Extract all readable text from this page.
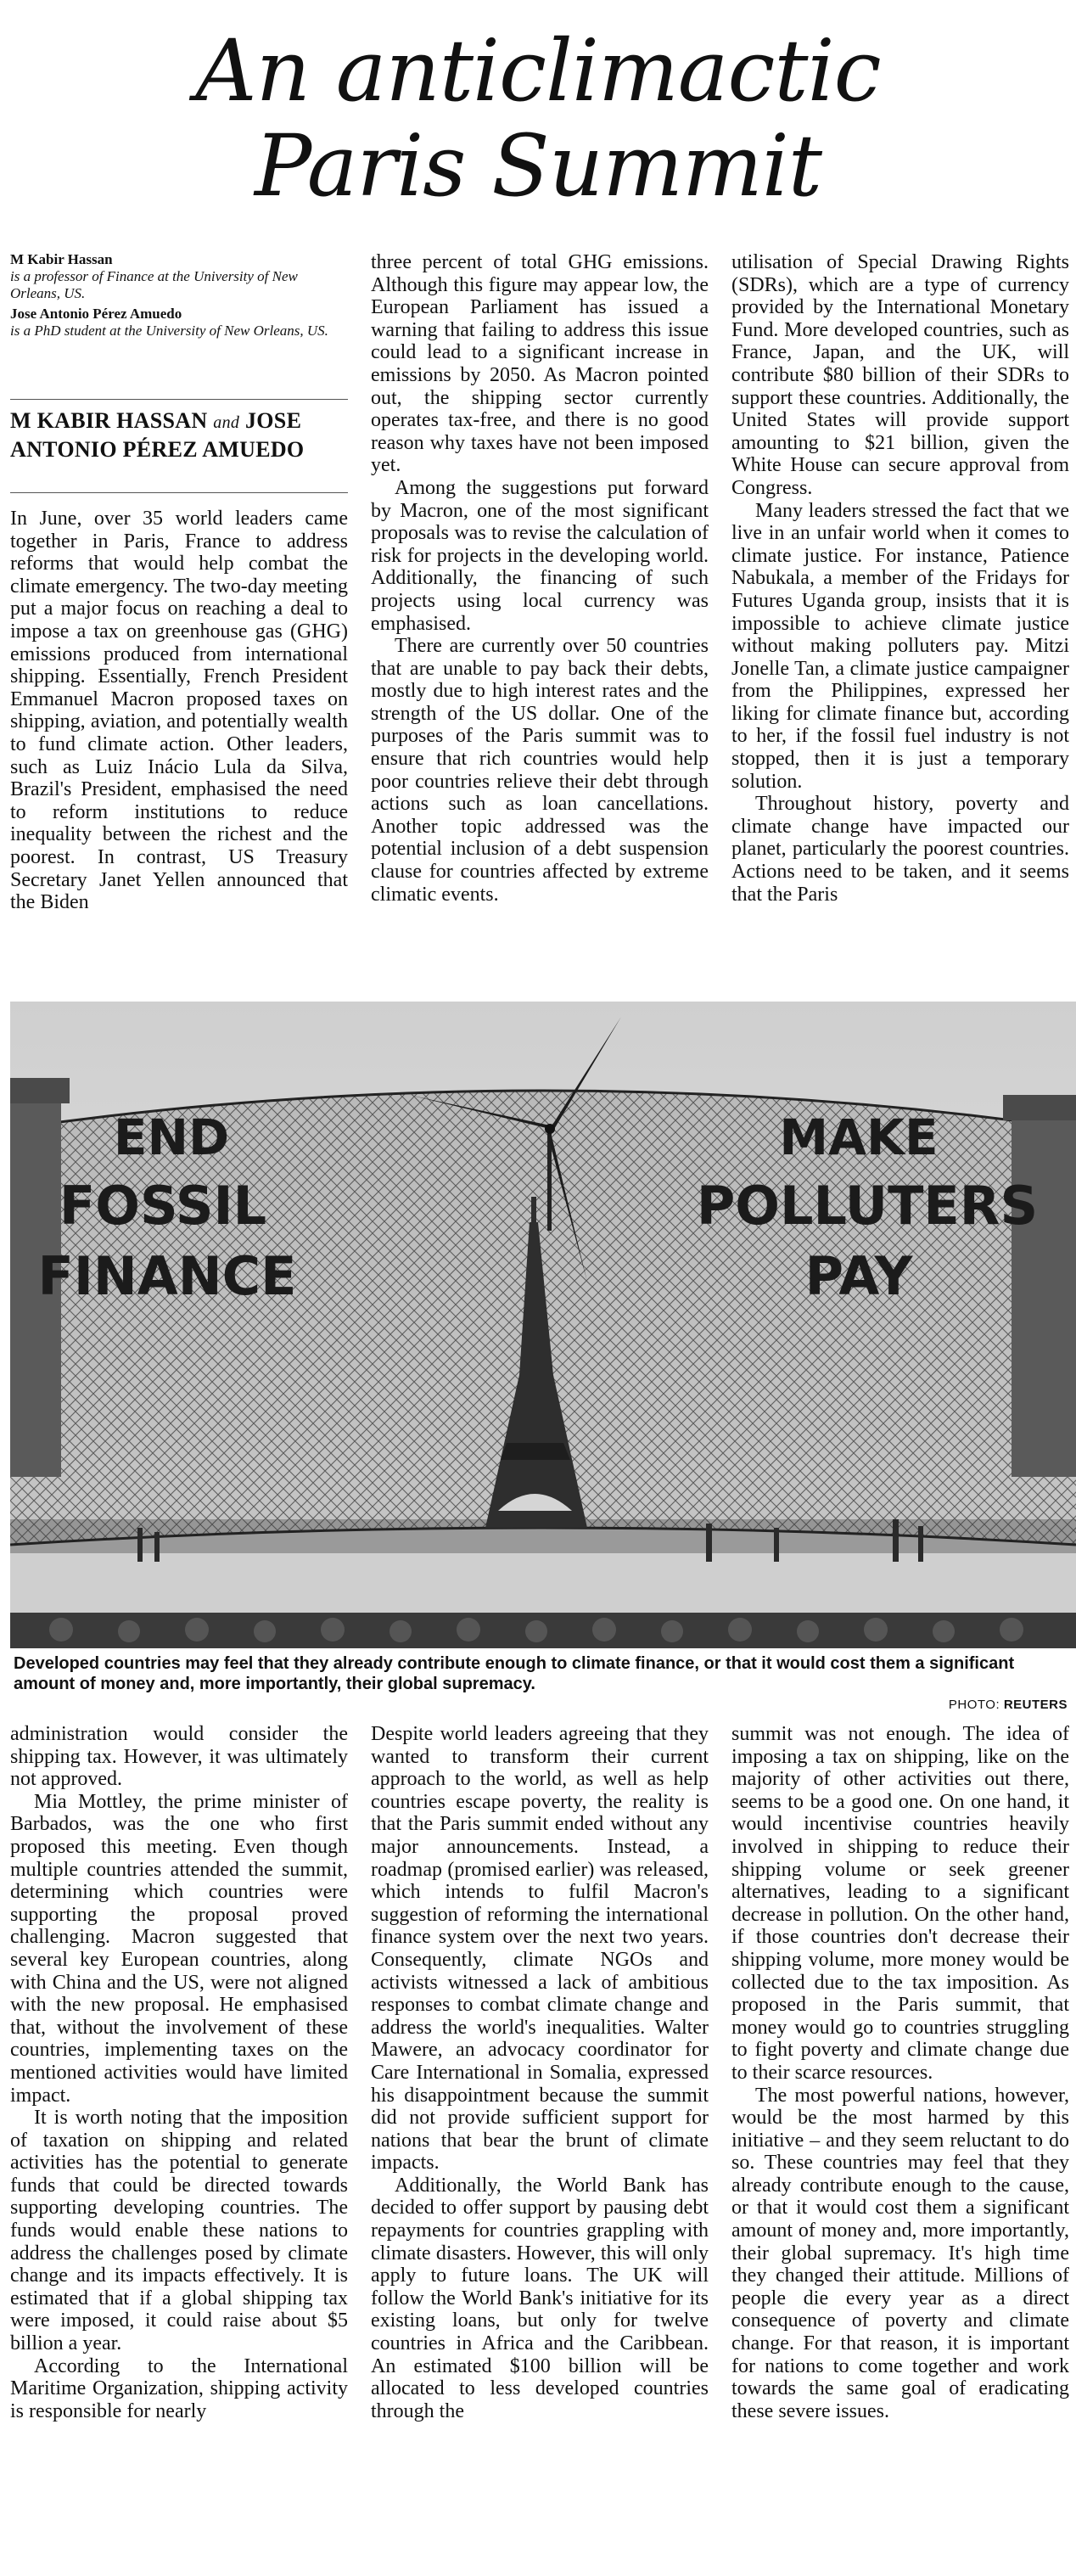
An anticlimactic
Paris Summit
M Kabir Hassan
is a professor of Finance at the University of New Orleans, US.
Jose Antonio Pérez Amuedo
is a PhD student at the University of New Orleans, US.
M KABIR HASSAN and JOSE ANTONIO PÉREZ AMUEDO

In June, over 35 world leaders came together in Paris, France to address reforms that would help combat the climate emergency. The two-day meeting put a major focus on reaching a deal to impose a tax on greenhouse gas (GHG) emissions produced from international shipping. Essentially, French President Emmanuel Macron proposed taxes on shipping, aviation, and potentially wealth to fund climate action. Other leaders, such as Luiz Inácio Lula da Silva, Brazil's President, emphasised the need to reform institutions to reduce inequality between the richest and the poorest. In contrast, US Treasury Secretary Janet Yellen announced that the Biden

three percent of total GHG emissions. Although this figure may appear low, the European Parliament has issued a warning that failing to address this issue could lead to a significant increase in emissions by 2050. As Macron pointed out, the shipping sector currently operates tax-free, and there is no good reason why taxes have not been imposed yet.

Among the suggestions put forward by Macron, one of the most significant proposals was to revise the calculation of risk for projects in the developing world. Additionally, the financing of such projects using local currency was emphasised.

There are currently over 50 countries that are unable to pay back their debts, mostly due to high interest rates and the strength of the US dollar. One of the purposes of the Paris summit was to ensure that rich countries would help poor countries relieve their debt through actions such as loan cancellations. Another topic addressed was the potential inclusion of a debt suspension clause for countries affected by extreme climatic events.

utilisation of Special Drawing Rights (SDRs), which are a type of currency provided by the International Monetary Fund. More developed countries, such as France, Japan, and the UK, will contribute $80 billion of their SDRs to support these countries. Additionally, the United States will provide support amounting to $21 billion, given the White House can secure approval from Congress.

Many leaders stressed the fact that we live in an unfair world when it comes to climate justice. For instance, Patience Nabukala, a member of the Fridays for Futures Uganda group, insists that it is impossible to achieve climate justice without making polluters pay. Mitzi Jonelle Tan, a climate justice campaigner from the Philippines, expressed her liking for climate finance but, according to her, if the fossil fuel industry is not stopped, then it is just a temporary solution.

Throughout history, poverty and climate change have impacted our planet, particularly the poorest countries. Actions need to be taken, and it seems that the Paris

END
FOSSIL
FINANCE
MAKE
POLLUTERS
PAY
Developed countries may feel that they already contribute enough to climate finance, or that it would cost them a significant amount of money and, more importantly, their global supremacy.
PHOTO: REUTERS

administration would consider the shipping tax. However, it was ultimately not approved.

Mia Mottley, the prime minister of Barbados, was the one who first proposed this meeting. Even though multiple countries attended the summit, determining which countries were supporting the proposal proved challenging. Macron suggested that several key European countries, along with China and the US, were not aligned with the new proposal. He emphasised that, without the involvement of these countries, implementing taxes on the mentioned activities would have limited impact.

It is worth noting that the imposition of taxation on shipping and related activities has the potential to generate funds that could be directed towards supporting developing countries. The funds would enable these nations to address the challenges posed by climate change and its impacts effectively. It is estimated that if a global shipping tax were imposed, it could raise about $5 billion a year.

According to the International Maritime Organization, shipping activity is responsible for nearly

Despite world leaders agreeing that they wanted to transform their current approach to the world, as well as help countries escape poverty, the reality is that the Paris summit ended without any major announcements. Instead, a roadmap (promised earlier) was released, which intends to fulfil Macron's suggestion of reforming the international finance system over the next two years. Consequently, climate NGOs and activists witnessed a lack of ambitious responses to combat climate change and address the world's inequalities. Walter Mawere, an advocacy coordinator for Care International in Somalia, expressed his disappointment because the summit did not provide sufficient support for nations that bear the brunt of climate impacts.

Additionally, the World Bank has decided to offer support by pausing debt repayments for countries grappling with climate disasters. However, this will only apply to future loans. The UK will follow the World Bank's initiative for its existing loans, but only for twelve countries in Africa and the Caribbean. An estimated $100 billion will be allocated to less developed countries through the

summit was not enough. The idea of imposing a tax on shipping, like on the majority of other activities out there, seems to be a good one. On one hand, it would incentivise countries heavily involved in shipping to reduce their shipping volume or seek greener alternatives, leading to a significant decrease in pollution. On the other hand, if those countries don't decrease their shipping volume, more money would be collected due to the tax imposition. As proposed in the Paris summit, that money would go to countries struggling to fight poverty and climate change due to their scarce resources.

The most powerful nations, however, would be the most harmed by this initiative – and they seem reluctant to do so. These countries may feel that they already contribute enough to the cause, or that it would cost them a significant amount of money and, more importantly, their global supremacy. It's high time they changed their attitude. Millions of people die every year as a direct consequence of poverty and climate change. For that reason, it is important for nations to come together and work towards the same goal of eradicating these severe issues.
